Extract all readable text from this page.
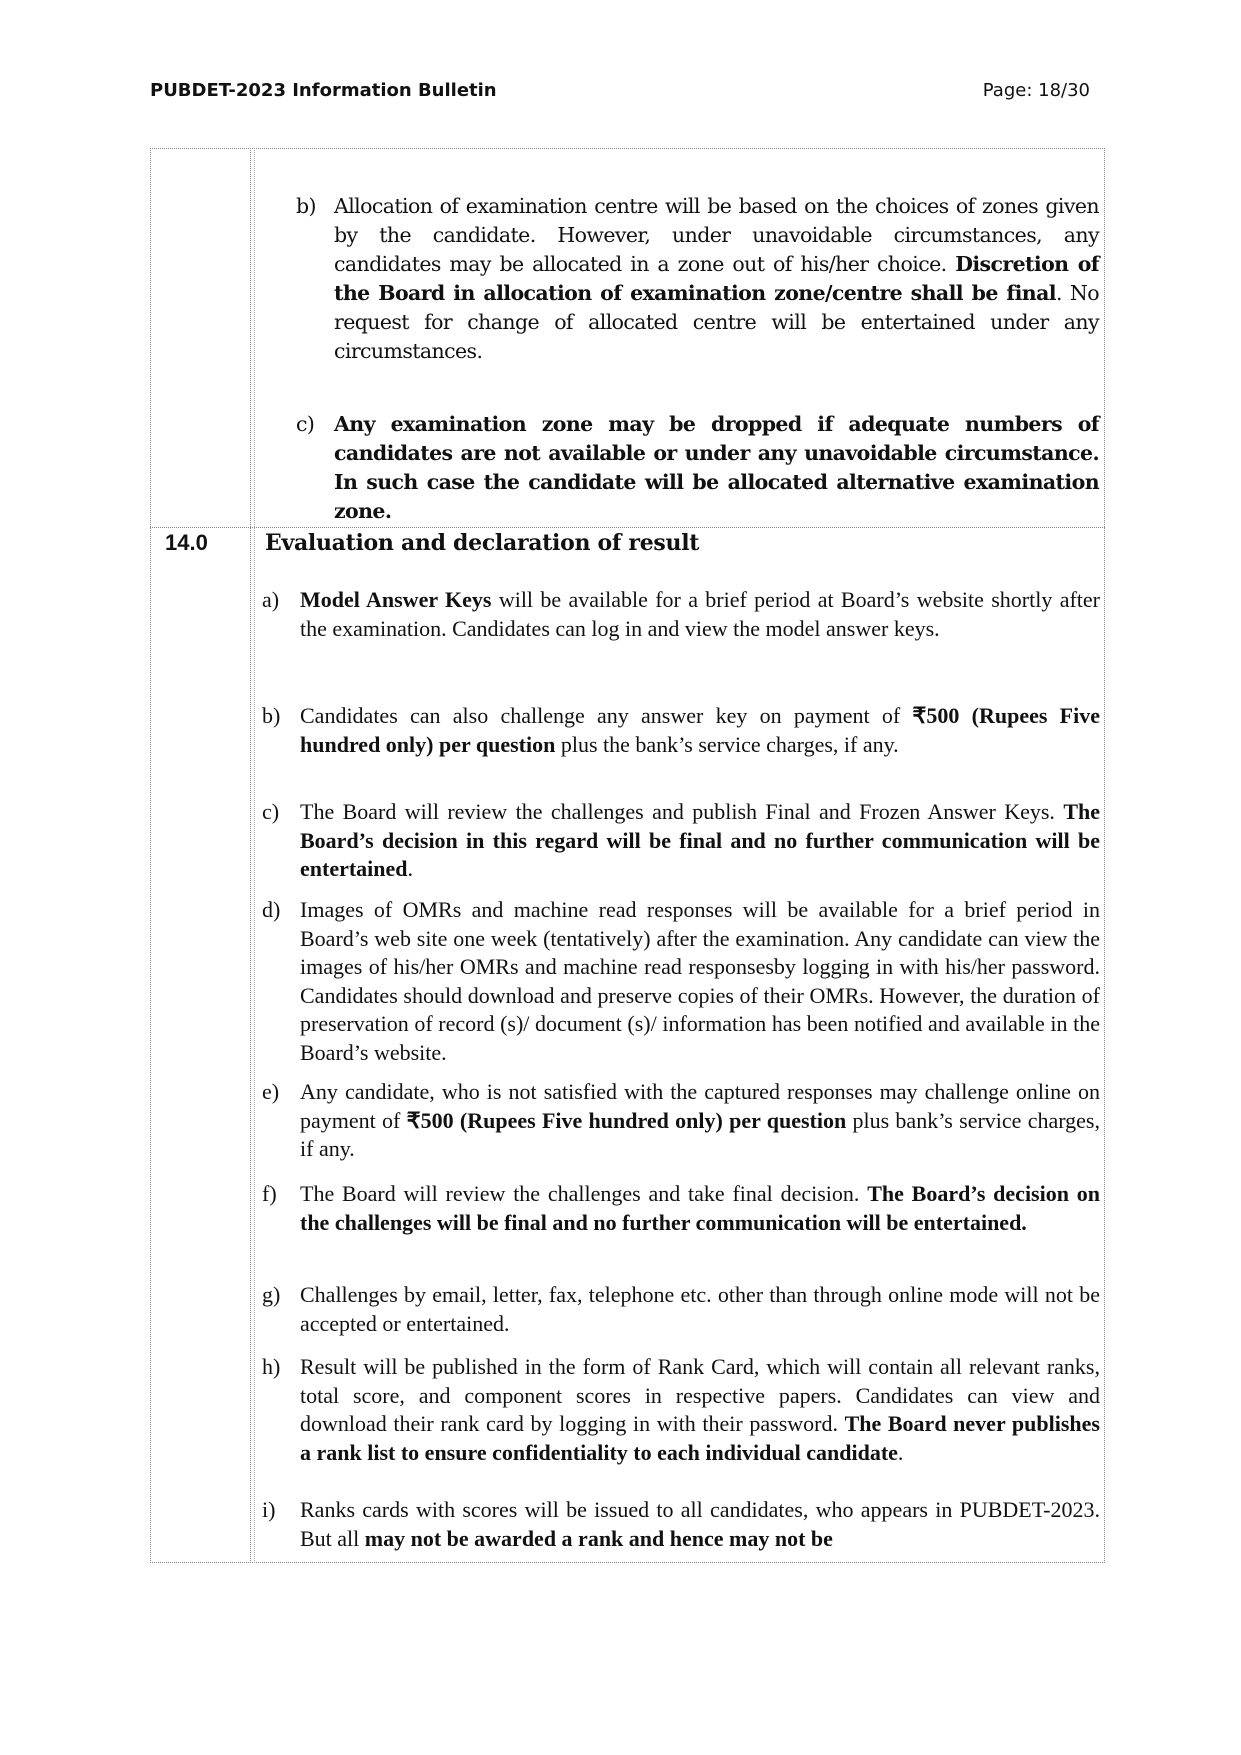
PUBDET-2023 Information Bulletin	Page: 18/30
b) Allocation of examination centre will be based on the choices of zones given by the candidate. However, under unavoidable circumstances, any candidates may be allocated in a zone out of his/her choice. Discretion of the Board in allocation of examination zone/centre shall be final. No request for change of allocated centre will be entertained under any circumstances.
c) Any examination zone may be dropped if adequate numbers of candidates are not available or under any unavoidable circumstance. In such case the candidate will be allocated alternative examination zone.
14.0	Evaluation and declaration of result
a) Model Answer Keys will be available for a brief period at Board’s website shortly after the examination. Candidates can log in and view the model answer keys.
b) Candidates can also challenge any answer key on payment of ₹500 (Rupees Five hundred only) per question plus the bank’s service charges, if any.
c) The Board will review the challenges and publish Final and Frozen Answer Keys. The Board’s decision in this regard will be final and no further communication will be entertained.
d) Images of OMRs and machine read responses will be available for a brief period in Board’s web site one week (tentatively) after the examination. Any candidate can view the images of his/her OMRs and machine read responsesby logging in with his/her password. Candidates should download and preserve copies of their OMRs. However, the duration of preservation of record (s)/ document (s)/ information has been notified and available in the Board’s website.
e) Any candidate, who is not satisfied with the captured responses may challenge online on payment of ₹500 (Rupees Five hundred only) per question plus bank’s service charges, if any.
f) The Board will review the challenges and take final decision. The Board’s decision on the challenges will be final and no further communication will be entertained.
g) Challenges by email, letter, fax, telephone etc. other than through online mode will not be accepted or entertained.
h) Result will be published in the form of Rank Card, which will contain all relevant ranks, total score, and component scores in respective papers. Candidates can view and download their rank card by logging in with their password. The Board never publishes a rank list to ensure confidentiality to each individual candidate.
i) Ranks cards with scores will be issued to all candidates, who appears in PUBDET-2023. But all may not be awarded a rank and hence may not be
